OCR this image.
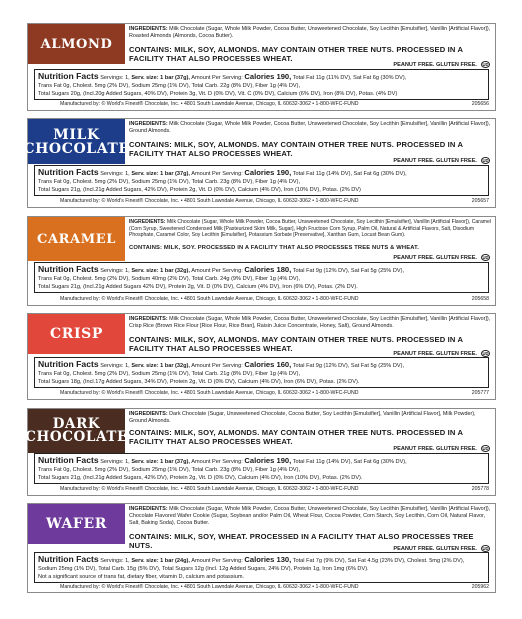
ALMOND
INGREDIENTS: Milk Chocolate (Sugar, Whole Milk Powder, Cocoa Butter, Unsweetened Chocolate, Soy Lecithin [Emulsifier], Vanillin [Artificial Flavor]), Roasted Almonds (Almonds, Cocoa Butter).
CONTAINS: MILK, SOY, ALMONDS. MAY CONTAIN OTHER TREE NUTS. PROCESSED IN A FACILITY THAT ALSO PROCESSES WHEAT.
PEANUT FREE. GLUTEN FREE.	UD
Nutrition Facts Servings: 1, Serv. size: 1 bar (37g), Amount Per Serving: Calories 190, Total Fat 11g (11% DV), Sat Fat 6g (30% DV),
Trans Fat 0g, Cholest. 5mg (2% DV), Sodium 25mg (1% DV), Total Carb. 22g (8% DV), Fiber 1g (4% DV),
Total Sugars 20g, (Incl.20g Added Sugars, 40% DV), Protein 3g, Vit. D (0% DV), Vit. C (0% DV), Calcium (6% DV), Iron (8% DV), Potas. (4% DV)
Manufactured by: © World's Finest® Chocolate, Inc. • 4801 South Lawndale Avenue, Chicago, IL 60632-3062 • 1-800-WFC-FUND	205656
MILK CHOCOLATE
INGREDIENTS: Milk Chocolate (Sugar, Whole Milk Powder, Cocoa Butter, Unsweetened Chocolate, Soy Lecithin [Emulsifier], Vanillin [Artificial Flavor]), Ground Almonds.
CONTAINS: MILK, SOY, ALMONDS. MAY CONTAIN OTHER TREE NUTS. PROCESSED IN A FACILITY THAT ALSO PROCESSES WHEAT.
PEANUT FREE. GLUTEN FREE.	UD
Nutrition Facts Servings: 1, Serv. size: 1 bar (37g), Amount Per Serving: Calories 190, Total Fat 11g (14% DV), Sat Fat 6g (30% DV),
Trans Fat 0g, Cholest. 5mg (2% DV), Sodium 25mg (1% DV), Total Carb. 23g (8% DV), Fiber 1g (4% DV),
Total Sugars 21g, (Incl.21g Added Sugars, 42% DV), Protein 2g, Vit. D (0% DV), Calcium (4% DV), Iron (10% DV), Potas. (2% DV)
Manufactured by: © World's Finest® Chocolate, Inc. • 4801 South Lawndale Avenue, Chicago, IL 60632-3062 • 1-800-WFC-FUND	205657
CARAMEL
INGREDIENTS: Milk Chocolate (Sugar, Whole Milk Powder, Cocoa Butter, Unsweetened Chocolate, Soy Lecithin [Emulsifier], Vanillin [Artificial Flavor]), Caramel (Corn Syrup, Sweetened Condensed Milk [Pasteurized Skim Milk, Sugar], High Fructose Corn Syrup, Palm Oil, Natural & Artificial Flavors, Salt, Disodium Phosphate, Caramel Color, Soy Lecithin [Emulsifier], Potassium Sorbate [Preservative], Xanthan Gum, Locust Bean Gum).
CONTAINS: MILK, SOY. PROCESSED IN A FACILITY THAT ALSO PROCESSES TREE NUTS & WHEAT.
PEANUT FREE. GLUTEN FREE.	UD
Nutrition Facts Servings: 1, Serv. size: 1 bar (32g), Amount Per Serving: Calories 180, Total Fat 9g (12% DV), Sat Fat 5g (25% DV),
Trans Fat 0g, Cholest. 5mg (2% DV), Sodium 40mg (2% DV), Total Carb. 24g (9% DV), Fiber 1g (4% DV),
Total Sugars 21g, (Incl.21g Added Sugars 42% DV), Protein 2g, Vit. D (0% DV), Calcium (4% DV), Iron (6% DV), Potas. (2% DV).
Manufactured by: © World's Finest® Chocolate, Inc. • 4801 South Lawndale Avenue, Chicago, IL 60632-3062 • 1-800-WFC-FUND	205658
CRISP
INGREDIENTS: Milk Chocolate (Sugar, Whole Milk Powder, Cocoa Butter, Unsweetened Chocolate, Soy Lecithin [Emulsifier], Vanillin [Artificial Flavor]), Crisp Rice (Brown Rice Flour [Rice Flour, Rice Bran], Raisin Juice Concentrate, Honey, Salt), Ground Almonds.
CONTAINS: MILK, SOY, ALMONDS. MAY CONTAIN OTHER TREE NUTS. PROCESSED IN A FACILITY THAT ALSO PROCESSES WHEAT.
PEANUT FREE. GLUTEN FREE.	UD
Nutrition Facts Servings: 1, Serv. size: 1 bar (32g), Amount Per Serving: Calories 160, Total Fat 9g (12% DV), Sat Fat 5g (25% DV),
Trans Fat 0g, Cholest. 5mg (2% DV), Sodium 25mg (1% DV), Total Carb. 21g (8% DV), Fiber 1g (4% DV),
Total Sugars 18g, (Incl.17g Added Sugars, 34% DV), Protein 2g, Vit. D (0% DV), Calcium (4% DV), Iron (6% DV), Potas. (2% DV).
Manufactured by: © World's Finest® Chocolate, Inc. • 4801 South Lawndale Avenue, Chicago, IL 60632-3062 • 1-800-WFC-FUND	205777
DARK CHOCOLATE
INGREDIENTS: Dark Chocolate (Sugar, Unsweetened Chocolate, Cocoa Butter, Soy Lecithin [Emulsifier], Vanillin [Artificial Flavor], Milk Powder), Ground Almonds.
CONTAINS: MILK, SOY, ALMONDS. MAY CONTAIN OTHER TREE NUTS. PROCESSED IN A FACILITY THAT ALSO PROCESSES WHEAT.
PEANUT FREE. GLUTEN FREE.	UD
Nutrition Facts Servings: 1, Serv. size: 1 bar (37g), Amount Per Serving: Calories 190, Total Fat 11g (14% DV), Sat Fat 6g (30% DV),
Trans Fat 0g, Cholest. 5mg (2% DV), Sodium 25mg (1% DV), Total Carb. 23g (8% DV), Fiber 1g (4% DV),
Total Sugars 21g, (Incl.21g Added Sugars, 42% DV), Protein 2g, Vit. D (0% DV), Calcium (4% DV), Iron (10% DV), Potas. (2% DV).
Manufactured by: © World's Finest® Chocolate, Inc. • 4801 South Lawndale Avenue, Chicago, IL 60632-3062 • 1-800-WFC-FUND	205778
WAFER
INGREDIENTS: Milk Chocolate (Sugar, Whole Milk Powder, Cocoa Butter, Unsweetened Chocolate, Soy Lecithin [Emulsifier], Vanillin [Artificial Flavor]), Chocolate Flavored Wafer Cookie (Sugar, Soybean and/or Palm Oil, Wheat Flour, Cocoa Powder, Corn Starch, Soy Lecithin, Corn Oil, Natural Flavor, Salt, Baking Soda), Cocoa Butter.
CONTAINS: MILK, SOY, WHEAT. PROCESSED IN A FACILITY THAT ALSO PROCESSES TREE NUTS.	PEANUT FREE. GLUTEN FREE.	UD
Nutrition Facts Servings: 1, Serv. size: 1 bar (24g), Amount Per Serving: Calories 130, Total Fat 7g (9% DV), Sat Fat 4.5g (23% DV), Cholest. 5mg (2% DV),
Sodium 25mg (1% DV), Total Carb. 15g (5% DV), Total Sugars 12g (Incl. 12g Added Sugars, 24% DV), Protein 1g, Iron 1mg (6% DV).
Not a significant source of trans fat, dietary fiber, vitamin D, calcium and potassium.
Manufactured by: © World's Finest® Chocolate, Inc. • 4801 South Lawndale Avenue, Chicago, IL 60632-3062 • 1-800-WFC-FUND	205962
